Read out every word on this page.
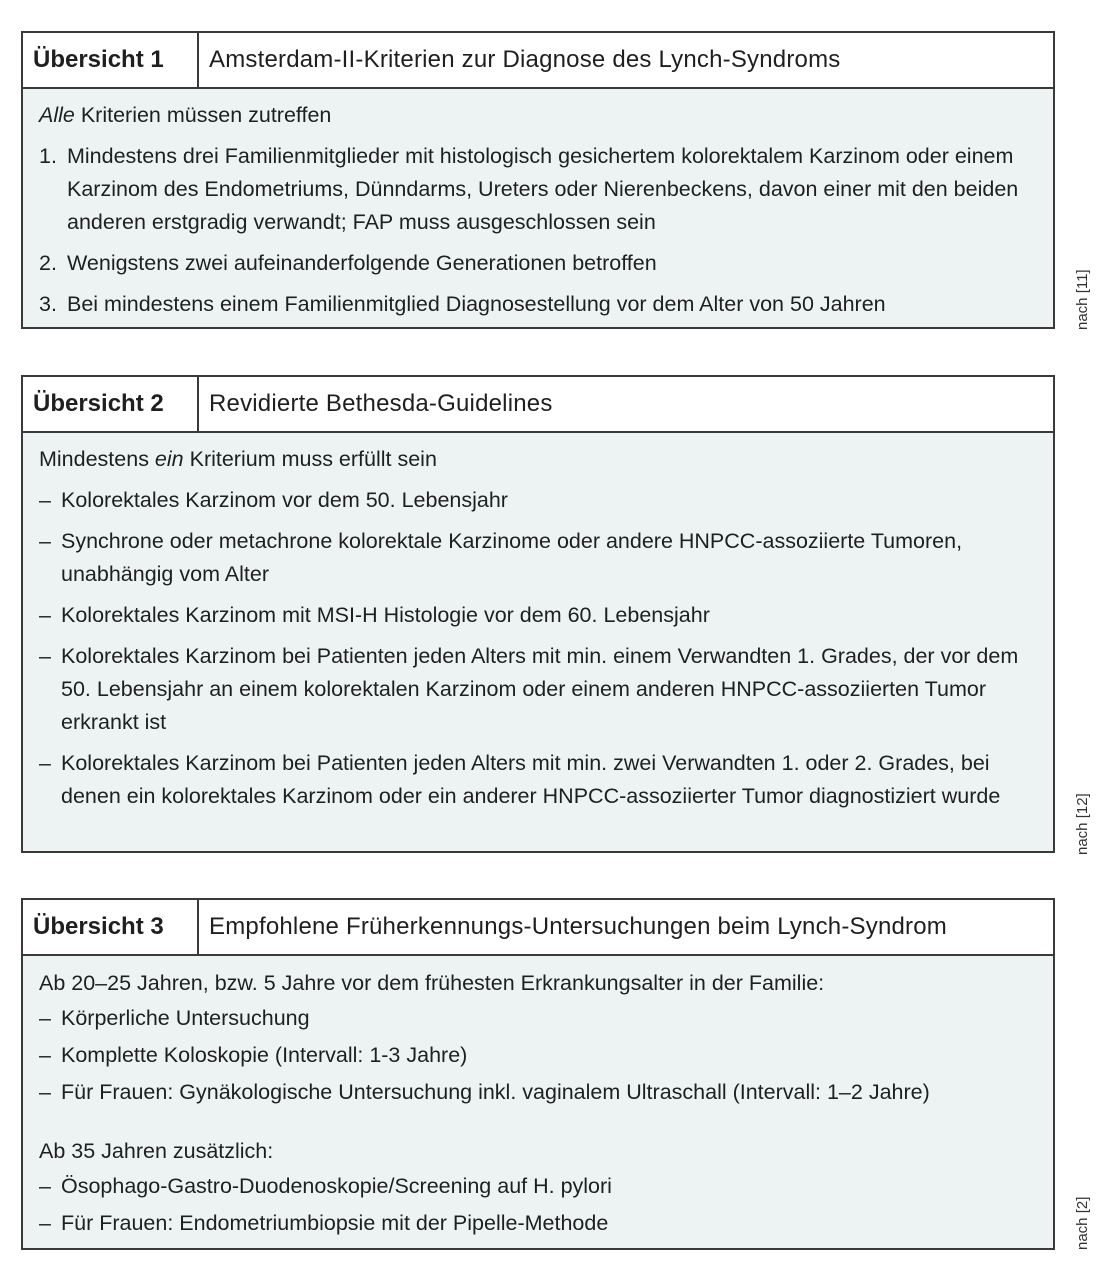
Übersicht 1	Amsterdam-II-Kriterien zur Diagnose des Lynch-Syndroms
Alle Kriterien müssen zutreffen
1. Mindestens drei Familienmitglieder mit histologisch gesichertem kolorektalem Karzinom oder einem Karzinom des Endometriums, Dünndarms, Ureters oder Nierenbeckens, davon einer mit den beiden anderen erstgradig verwandt; FAP muss ausgeschlossen sein
2. Wenigstens zwei aufeinanderfolgende Generationen betroffen
3. Bei mindestens einem Familienmitglied Diagnosestellung vor dem Alter von 50 Jahren	nach [11]
Übersicht 2	Revidierte Bethesda-Guidelines
Mindestens ein Kriterium muss erfüllt sein
– Kolorektales Karzinom vor dem 50. Lebensjahr
– Synchrone oder metachrone kolorektale Karzinome oder andere HNPCC-assoziierte Tumoren, unabhängig vom Alter
– Kolorektales Karzinom mit MSI-H Histologie vor dem 60. Lebensjahr
– Kolorektales Karzinom bei Patienten jeden Alters mit min. einem Verwandten 1. Grades, der vor dem 50. Lebensjahr an einem kolorektalen Karzinom oder einem anderen HNPCC-assoziierten Tumor erkrankt ist
– Kolorektales Karzinom bei Patienten jeden Alters mit min. zwei Verwandten 1. oder 2. Grades, bei denen ein kolorektales Karzinom oder ein anderer HNPCC-assoziierter Tumor diagnostiziert wurde	nach [12]
Übersicht 3	Empfohlene Früherkennungs-Untersuchungen beim Lynch-Syndrom
Ab 20–25 Jahren, bzw. 5 Jahre vor dem frühesten Erkrankungsalter in der Familie:
– Körperliche Untersuchung
– Komplette Koloskopie (Intervall: 1-3 Jahre)
– Für Frauen: Gynäkologische Untersuchung inkl. vaginalem Ultraschall (Intervall: 1–2 Jahre)
Ab 35 Jahren zusätzlich:
– Ösophago-Gastro-Duodenoskopie/Screening auf H. pylori
– Für Frauen: Endometriumbiopsie mit der Pipelle-Methode	nach [2]
